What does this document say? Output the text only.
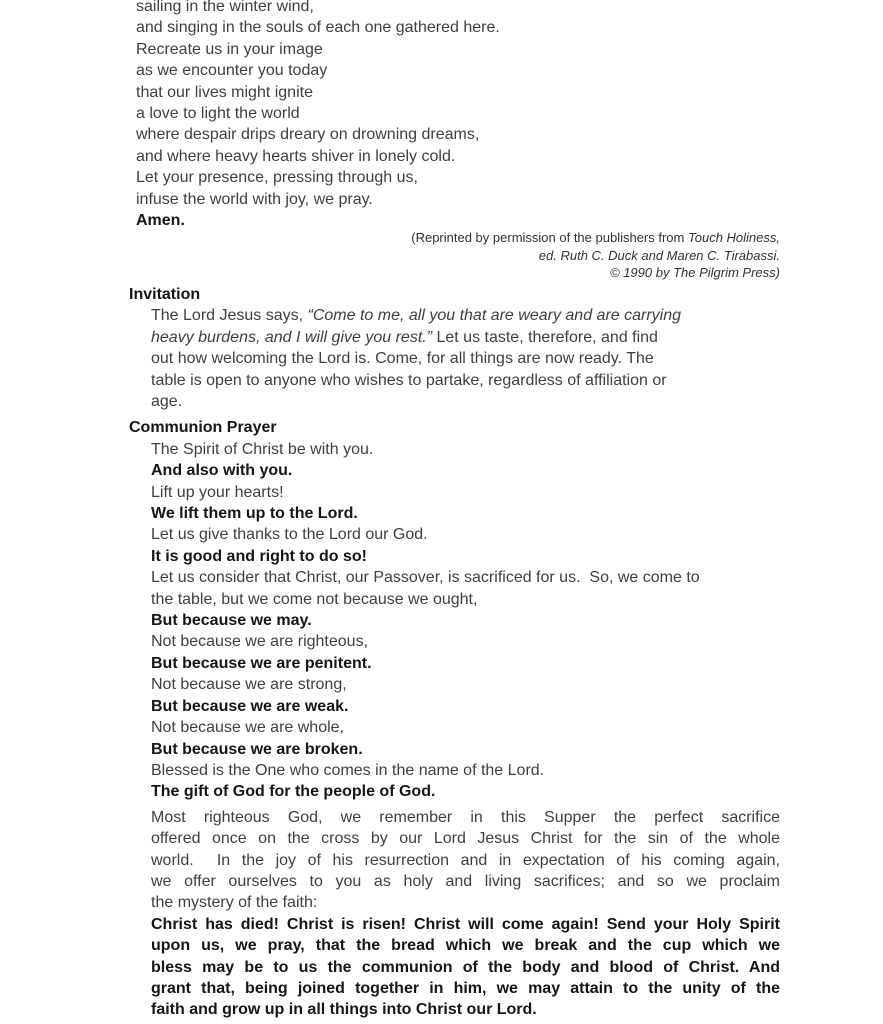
sailing in the winter wind,
and singing in the souls of each one gathered here.
Recreate us in your image
as we encounter you today
that our lives might ignite
a love to light the world
where despair drips dreary on drowning dreams,
and where heavy hearts shiver in lonely cold.
Let your presence, pressing through us,
infuse the world with joy, we pray.
Amen.
(Reprinted by permission of the publishers from Touch Holiness,
ed. Ruth C. Duck and Maren C. Tirabassi.
© 1990 by The Pilgrim Press)
Invitation
The Lord Jesus says, “Come to me, all you that are weary and are carrying
heavy burdens, and I will give you rest.” Let us taste, therefore, and find
out how welcoming the Lord is. Come, for all things are now ready. The
table is open to anyone who wishes to partake, regardless of affiliation or
age.
Communion Prayer
The Spirit of Christ be with you.
And also with you.
Lift up your hearts!
We lift them up to the Lord.
Let us give thanks to the Lord our God.
It is good and right to do so!
Let us consider that Christ, our Passover, is sacrificed for us.  So, we come to
the table, but we come not because we ought,
But because we may.
Not because we are righteous,
But because we are penitent.
Not because we are strong,
But because we are weak.
Not because we are whole,
But because we are broken.
Blessed is the One who comes in the name of the Lord.
The gift of God for the people of God.
Most righteous God, we remember in this Supper the perfect sacrifice
offered once on the cross by our Lord Jesus Christ for the sin of the whole
world.  In the joy of his resurrection and in expectation of his coming again,
we offer ourselves to you as holy and living sacrifices; and so we proclaim
the mystery of the faith:
Christ has died! Christ is risen! Christ will come again! Send your Holy Spirit
upon us, we pray, that the bread which we break and the cup which we
bless may be to us the communion of the body and blood of Christ. And
grant that, being joined together in him, we may attain to the unity of the
faith and grow up in all things into Christ our Lord.
